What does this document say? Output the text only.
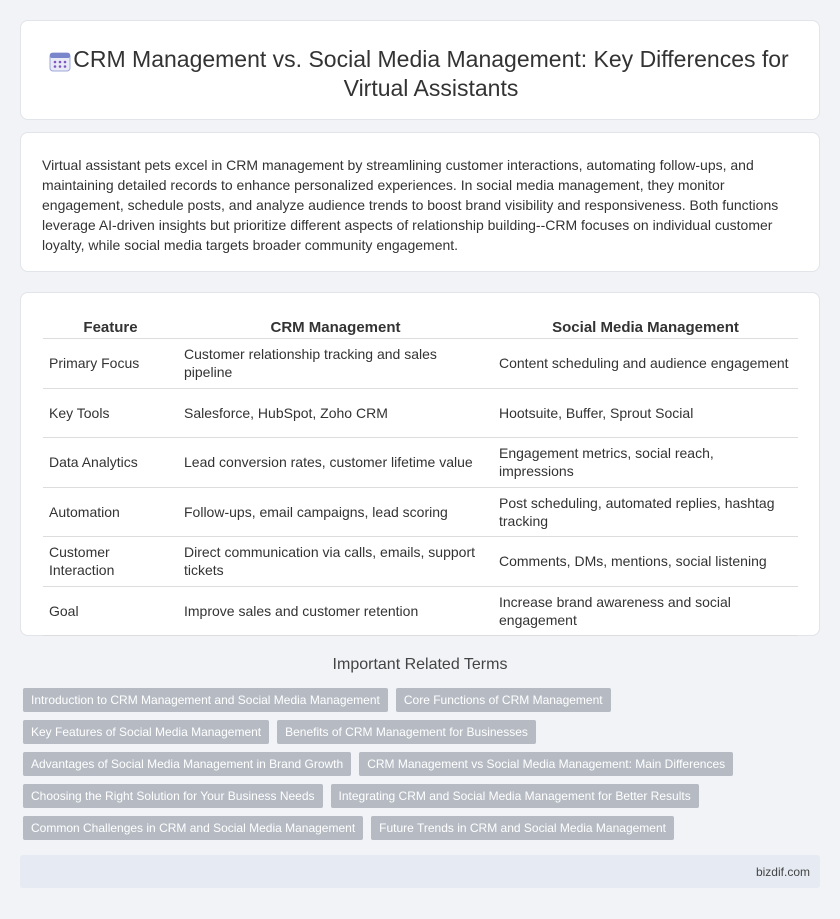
CRM Management vs. Social Media Management: Key Differences for Virtual Assistants

Virtual assistant pets excel in CRM management by streamlining customer interactions, automating follow-ups, and maintaining detailed records to enhance personalized experiences. In social media management, they monitor engagement, schedule posts, and analyze audience trends to boost brand visibility and responsiveness. Both functions leverage AI-driven insights but prioritize different aspects of relationship building--CRM focuses on individual customer loyalty, while social media targets broader community engagement.

Feature	CRM Management	Social Media Management
Primary Focus	Customer relationship tracking and sales pipeline	Content scheduling and audience engagement
Key Tools	Salesforce, HubSpot, Zoho CRM	Hootsuite, Buffer, Sprout Social
Data Analytics	Lead conversion rates, customer lifetime value	Engagement metrics, social reach, impressions
Automation	Follow-ups, email campaigns, lead scoring	Post scheduling, automated replies, hashtag tracking
Customer Interaction	Direct communication via calls, emails, support tickets	Comments, DMs, mentions, social listening
Goal	Improve sales and customer retention	Increase brand awareness and social engagement
Important Related Terms
Introduction to CRM Management and Social Media Management	Core Functions of CRM Management
Key Features of Social Media Management	Benefits of CRM Management for Businesses
Advantages of Social Media Management in Brand Growth	CRM Management vs Social Media Management: Main Differences
Choosing the Right Solution for Your Business Needs	Integrating CRM and Social Media Management for Better Results
Common Challenges in CRM and Social Media Management	Future Trends in CRM and Social Media Management
bizdif.com
